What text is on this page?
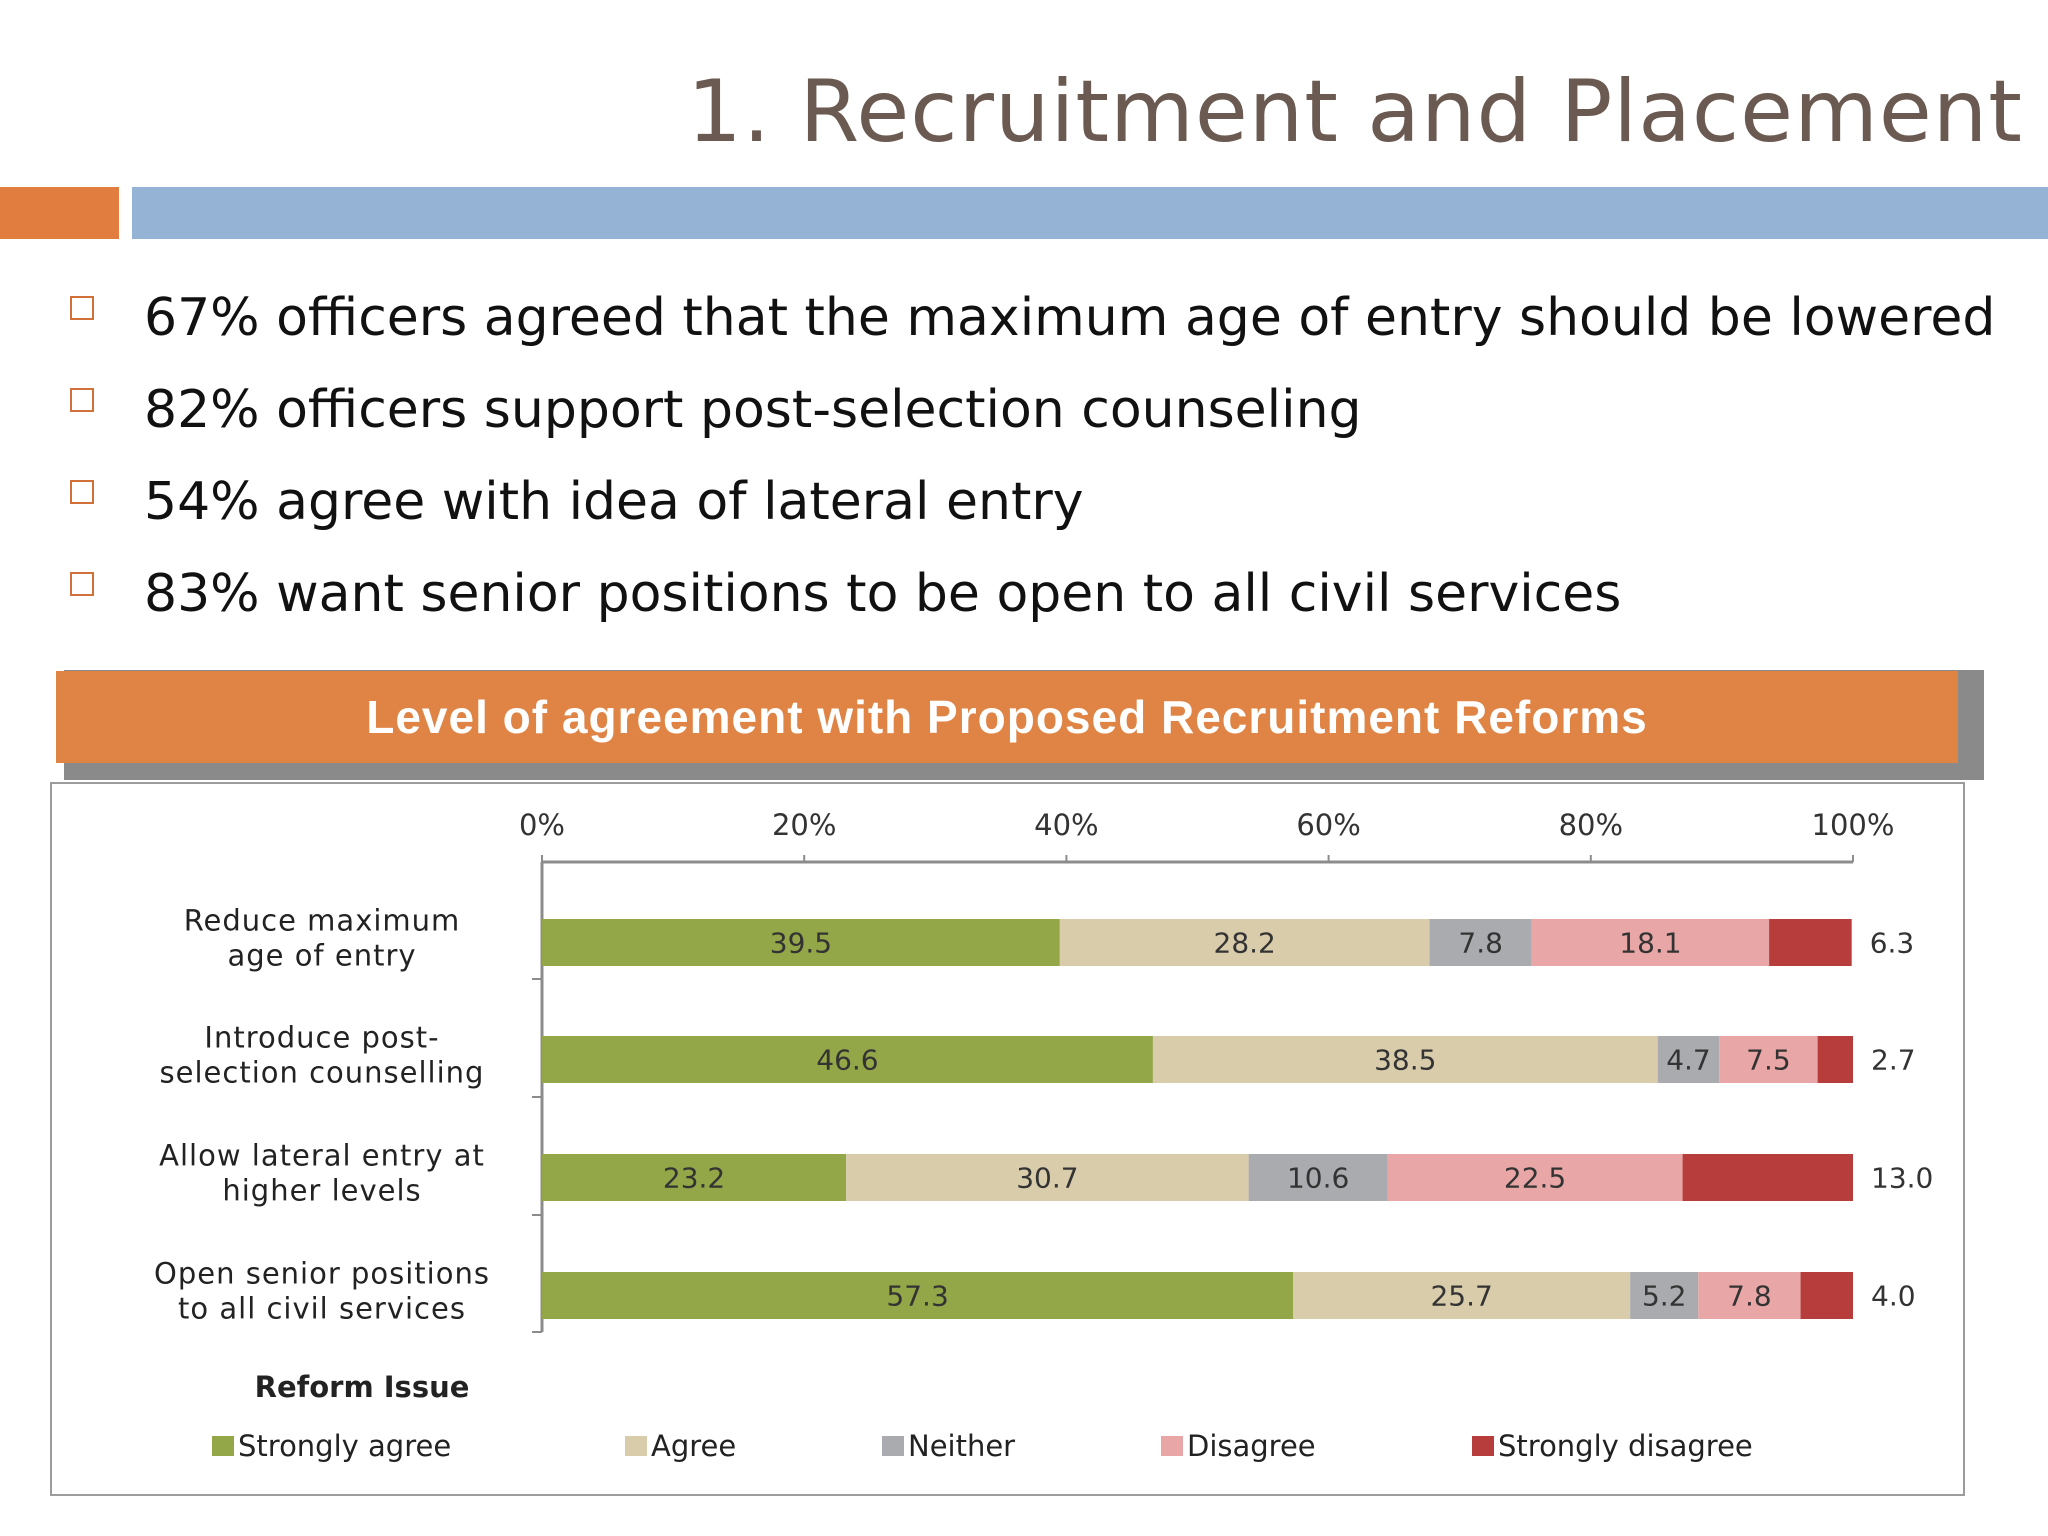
1. Recruitment and Placement
67% officers agreed that the maximum age of entry should be lowered
82% officers support post-selection counseling
54% agree with idea of lateral entry
83% want senior positions to be open to all civil services
Level of agreement with Proposed Recruitment Reforms
0%	20%	40%	60%	80%	100%
Reduce maximum
age of entry
Introduce post-
selection counselling
Allow lateral entry at
higher levels
Open senior positions
to all civil services
39.5	28.2	7.8	18.1	6.3
46.6	38.5	4.7 7.5	2.7
23.2	30.7	10.6	22.5	13.0
57.3	25.7	5.2 7.8	4.0
Reform Issue
Strongly agree	Agree	Neither	Disagree	Strongly disagree
